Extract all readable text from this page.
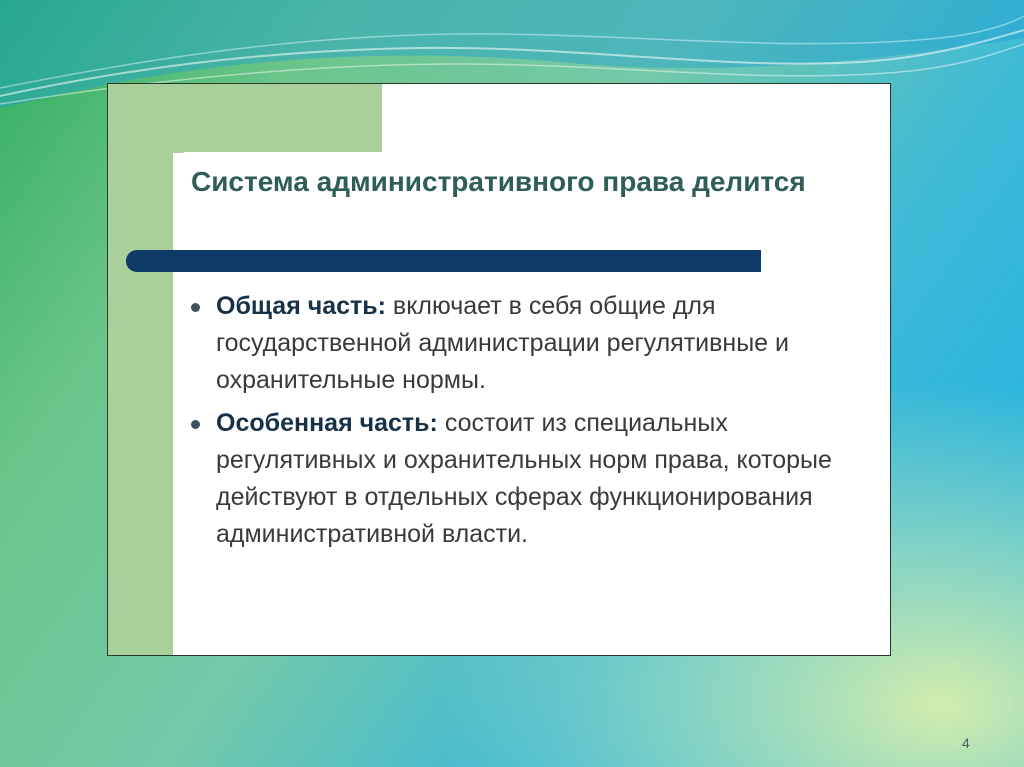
Система административного права делится
Общая часть: включает в себя общие для государственной администрации регулятивные и охранительные нормы.
Особенная часть: состоит из специальных регулятивных и охранительных норм права, которые действуют в отдельных сферах функционирования административной власти.
4
